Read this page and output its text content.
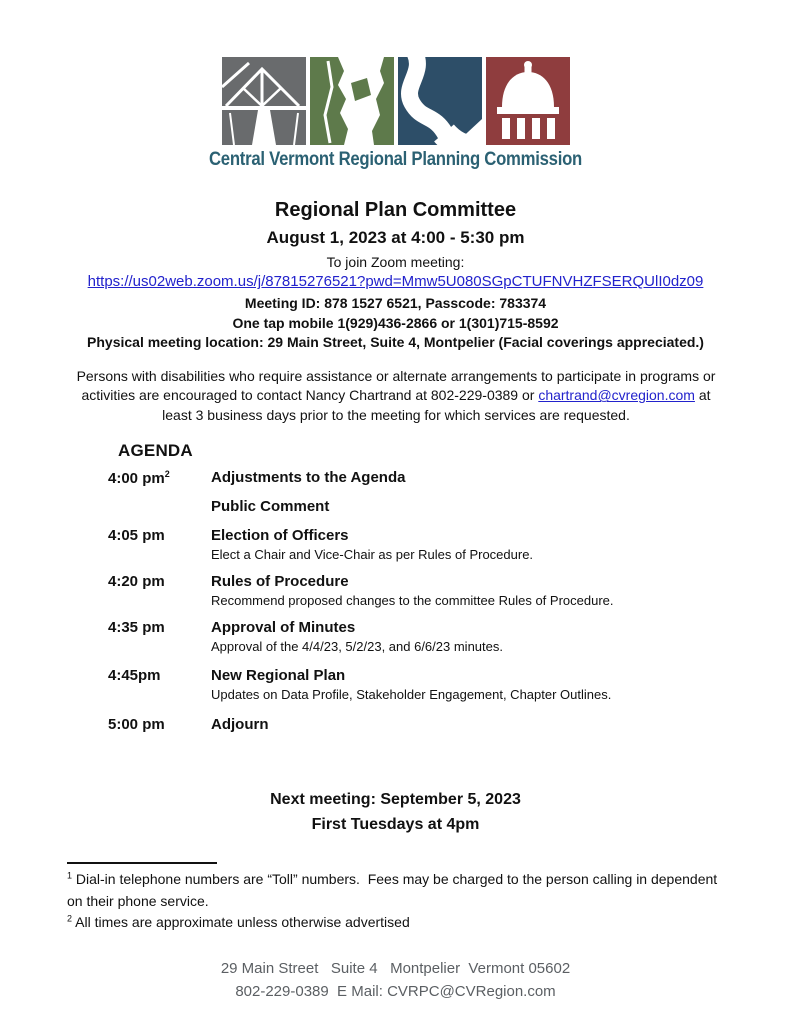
Central Vermont Regional Planning Commission
Regional Plan Committee
August 1, 2023 at 4:00 - 5:30 pm
To join Zoom meeting:
https://us02web.zoom.us/j/87815276521?pwd=Mmw5U080SGpCTUFNVHZFSERQUlI0dz09
Meeting ID: 878 1527 6521, Passcode: 783374
One tap mobile 1(929)436-2866 or 1(301)715-8592
Physical meeting location: 29 Main Street, Suite 4, Montpelier (Facial coverings appreciated.)
Persons with disabilities who require assistance or alternate arrangements to participate in programs or activities are encouraged to contact Nancy Chartrand at 802-229-0389 or chartrand@cvregion.com at least 3 business days prior to the meeting for which services are requested.
AGENDA
4:00 $pm^2$	Adjustments to the Agenda
Public Comment
4:05 pm	Election of Officers
Elect a Chair and Vice-Chair as per Rules of Procedure.
4:20 pm	Rules of Procedure
Recommend proposed changes to the committee Rules of Procedure.
4:35 pm	Approval of Minutes
Approval of the 4/4/23, 5/2/23, and 6/6/23 minutes.
4:45pm	New Regional Plan
Updates on Data Profile, Stakeholder Engagement, Chapter Outlines.
5:00 pm	Adjourn
Next meeting: September 5, 2023
First Tuesdays at 4pm
$^1$ Dial-in telephone numbers are “Toll” numbers.  Fees may be charged to the person calling in dependent on their phone service.
$^2$ All times are approximate unless otherwise advertised
29 Main Street   Suite 4   Montpelier  Vermont 05602
802-229-0389  E Mail: CVRPC@CVRegion.com
